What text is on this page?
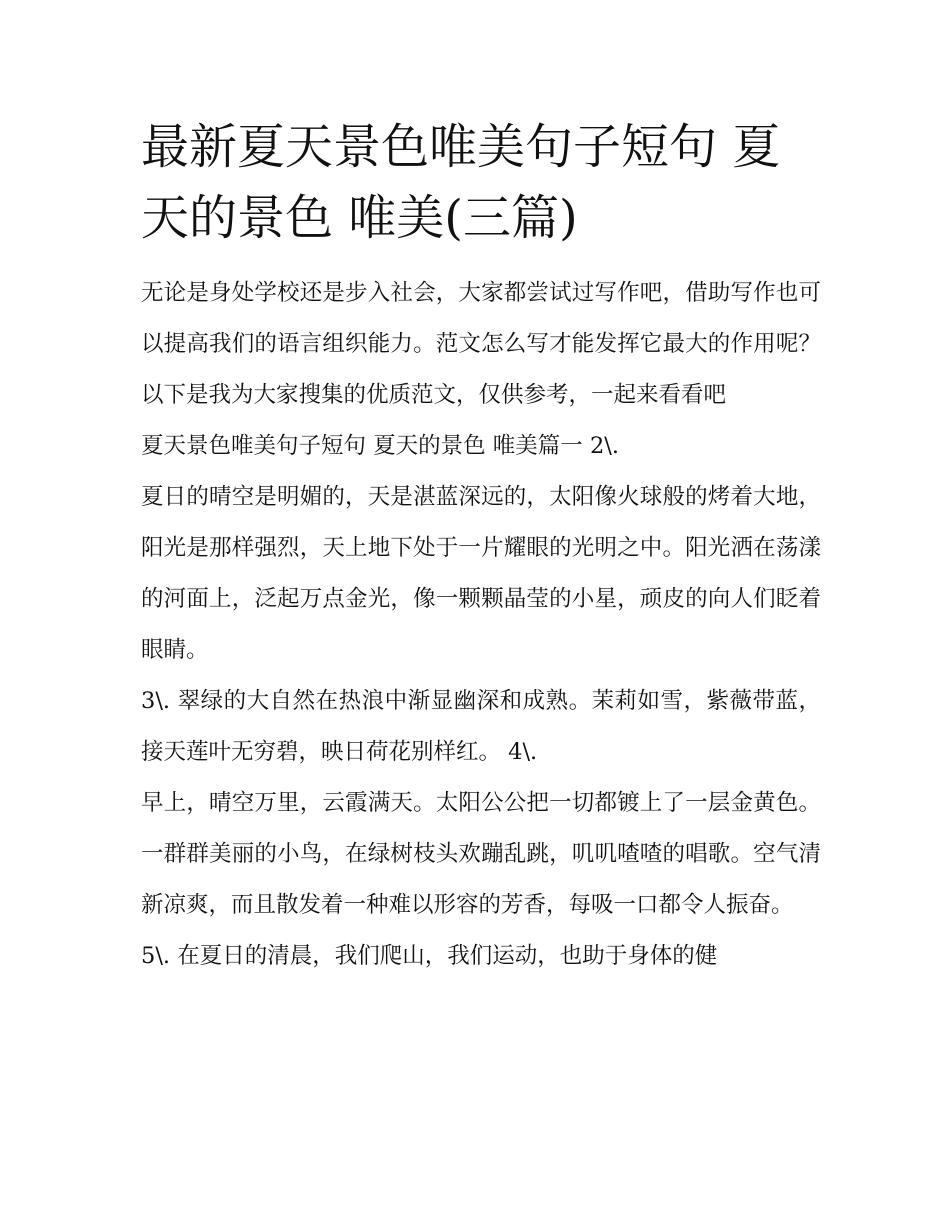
最新夏天景色唯美句子短句 夏天的景色 唯美(三篇)

无论是身处学校还是步入社会，大家都尝试过写作吧，借助写作也可以提高我们的语言组织能力。范文怎么写才能发挥它最大的作用呢？以下是我为大家搜集的优质范文，仅供参考，一起来看看吧

夏天景色唯美句子短句 夏天的景色 唯美篇一 2\.

夏日的晴空是明媚的，天是湛蓝深远的，太阳像火球般的烤着大地，阳光是那样强烈，天上地下处于一片耀眼的光明之中。阳光洒在荡漾的河面上，泛起万点金光，像一颗颗晶莹的小星，顽皮的向人们眨着眼睛。

3\. 翠绿的大自然在热浪中渐显幽深和成熟。茉莉如雪，紫薇带蓝，接天莲叶无穷碧，映日荷花别样红。 4\.

早上，晴空万里，云霞满天。太阳公公把一切都镀上了一层金黄色。一群群美丽的小鸟，在绿树枝头欢蹦乱跳，叽叽喳喳的唱歌。空气清新凉爽，而且散发着一种难以形容的芳香，每吸一口都令人振奋。

5\. 在夏日的清晨，我们爬山，我们运动，也助于身体的健
